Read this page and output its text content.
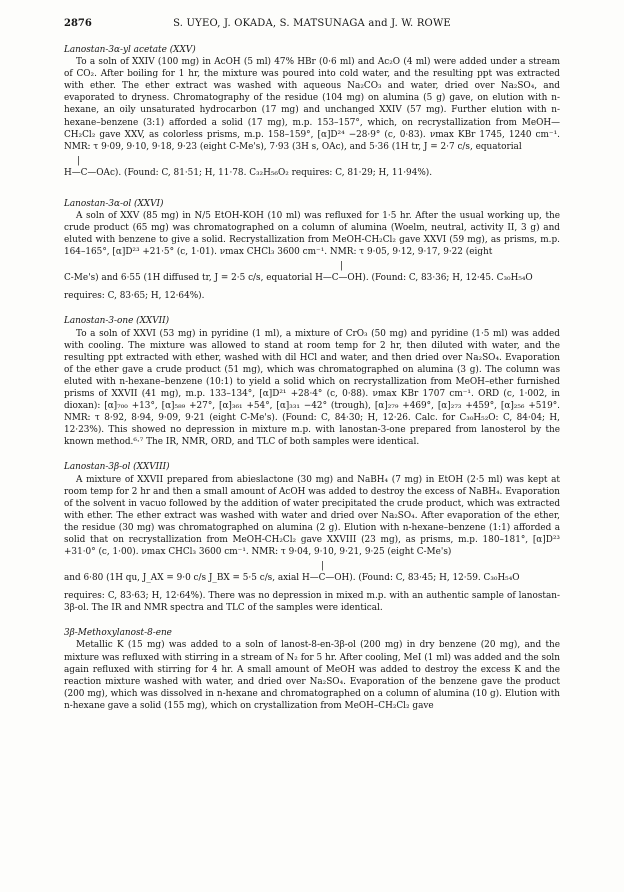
2876	S. UYEO, J. OKADA, S. MATSUNAGA and J. W. ROWE

Lanostan-3α-yl acetate (XXV)

To a soln of XXIV (100 mg) in AcOH (5 ml) 47% HBr (0·6 ml) and Ac₂O (4 ml) were added under a stream of CO₂. After boiling for 1 hr, the mixture was poured into cold water, and the resulting ppt was extracted with ether. The ether extract was washed with aqueous Na₂CO₃ and water, dried over Na₂SO₄, and evaporated to dryness. Chromatography of the residue (104 mg) on alumina (5 g) gave, on elution with n-hexane, an oily unsaturated hydrocarbon (17 mg) and unchanged XXIV (57 mg). Further elution with n-hexane–benzene (3:1) afforded a solid (17 mg), m.p. 153–157°, which, on recrystallization from MeOH—CH₂Cl₂ gave XXV, as colorless prisms, m.p. 158–159°, [α]D²⁴ −28·9° (c, 0·83). νmax KBr 1745, 1240 cm⁻¹. NMR: τ 9·09, 9·10, 9·18, 9·23 (eight C-Me's), 7·93 (3H s, OAc), and 5·36 (1H tr, J = 2·7 c/s, equatorial

|
H—C—OAc). (Found: C, 81·51; H, 11·78. C₃₂H₅₆O₂ requires: C, 81·29; H, 11·94%).

Lanostan-3α-ol (XXVI)

A soln of XXV (85 mg) in N/5 EtOH-KOH (10 ml) was refluxed for 1·5 hr. After the usual working up, the crude product (65 mg) was chromatographed on a column of alumina (Woelm, neutral, activity II, 3 g) and eluted with benzene to give a solid. Recrystallization from MeOH-CH₂Cl₂ gave XXVI (59 mg), as prisms, m.p. 164–165°, [α]D²³ +21·5° (c, 1·01). νmax CHCl₃ 3600 cm⁻¹. NMR: τ 9·05, 9·12, 9·17, 9·22 (eight

|
C-Me's) and 6·55 (1H diffused tr, J = 2·5 c/s, equatorial H—C—OH). (Found: C, 83·36; H, 12·45. C₃₀H₅₄O

requires: C, 83·65; H, 12·64%).

Lanostan-3-one (XXVII)

To a soln of XXVI (53 mg) in pyridine (1 ml), a mixture of CrO₃ (50 mg) and pyridine (1·5 ml) was added with cooling. The mixture was allowed to stand at room temp for 2 hr, then diluted with water, and the resulting ppt extracted with ether, washed with dil HCl and water, and then dried over Na₂SO₄. Evaporation of the ether gave a crude product (51 mg), which was chromatographed on alumina (3 g). The column was eluted with n-hexane–benzene (10:1) to yield a solid which on recrystallization from MeOH–ether furnished prisms of XXVII (41 mg), m.p. 133–134°, [α]D²¹ +28·4° (c, 0·88). νmax KBr 1707 cm⁻¹. ORD (c, 1·002, in dioxan): [α]₇₀₀ +13°, [α]₅₈₉ +27°, [α]₃₆₁ +54°, [α]₃₃₁ −42° (trough), [α]₂₇₉ +469°, [α]₂₇₃ +459°, [α]₂₅₆ +519°. NMR: τ 8·92, 8·94, 9·09, 9·21 (eight C-Me's). (Found: C, 84·30; H, 12·26. Calc. for C₃₀H₅₂O: C, 84·04; H, 12·23%). This showed no depression in mixture m.p. with lanostan-3-one prepared from lanosterol by the known method.⁶·⁷ The IR, NMR, ORD, and TLC of both samples were identical.

Lanostan-3β-ol (XXVIII)

A mixture of XXVII prepared from abieslactone (30 mg) and NaBH₄ (7 mg) in EtOH (2·5 ml) was kept at room temp for 2 hr and then a small amount of AcOH was added to destroy the excess of NaBH₄. Evaporation of the solvent in vacuo followed by the addition of water precipitated the crude product, which was extracted with ether. The ether extract was washed with water and dried over Na₂SO₄. After evaporation of the ether, the residue (30 mg) was chromatographed on alumina (2 g). Elution with n-hexane–benzene (1:1) afforded a solid that on recrystallization from MeOH-CH₂Cl₂ gave XXVIII (23 mg), as prisms, m.p. 180–181°, [α]D²³ +31·0° (c, 1·00). νmax CHCl₃ 3600 cm⁻¹. NMR: τ 9·04, 9·10, 9·21, 9·25 (eight C-Me's)

|
and 6·80 (1H qu, J_AX = 9·0 c/s J_BX = 5·5 c/s, axial H—C—OH). (Found: C, 83·45; H, 12·59. C₃₀H₅₄O

requires: C, 83·63; H, 12·64%). There was no depression in mixed m.p. with an authentic sample of lanostan-3β-ol. The IR and NMR spectra and TLC of the samples were identical.

3β-Methoxylanost-8-ene

Metallic K (15 mg) was added to a soln of lanost-8-en-3β-ol (200 mg) in dry benzene (20 mg), and the mixture was refluxed with stirring in a stream of N₂ for 5 hr. After cooling, MeI (1 ml) was added and the soln again refluxed with stirring for 4 hr. A small amount of MeOH was added to destroy the excess K and the reaction mixture washed with water, and dried over Na₂SO₄. Evaporation of the benzene gave the product (200 mg), which was dissolved in n-hexane and chromatographed on a column of alumina (10 g). Elution with n-hexane gave a solid (155 mg), which on crystallization from MeOH–CH₂Cl₂ gave
